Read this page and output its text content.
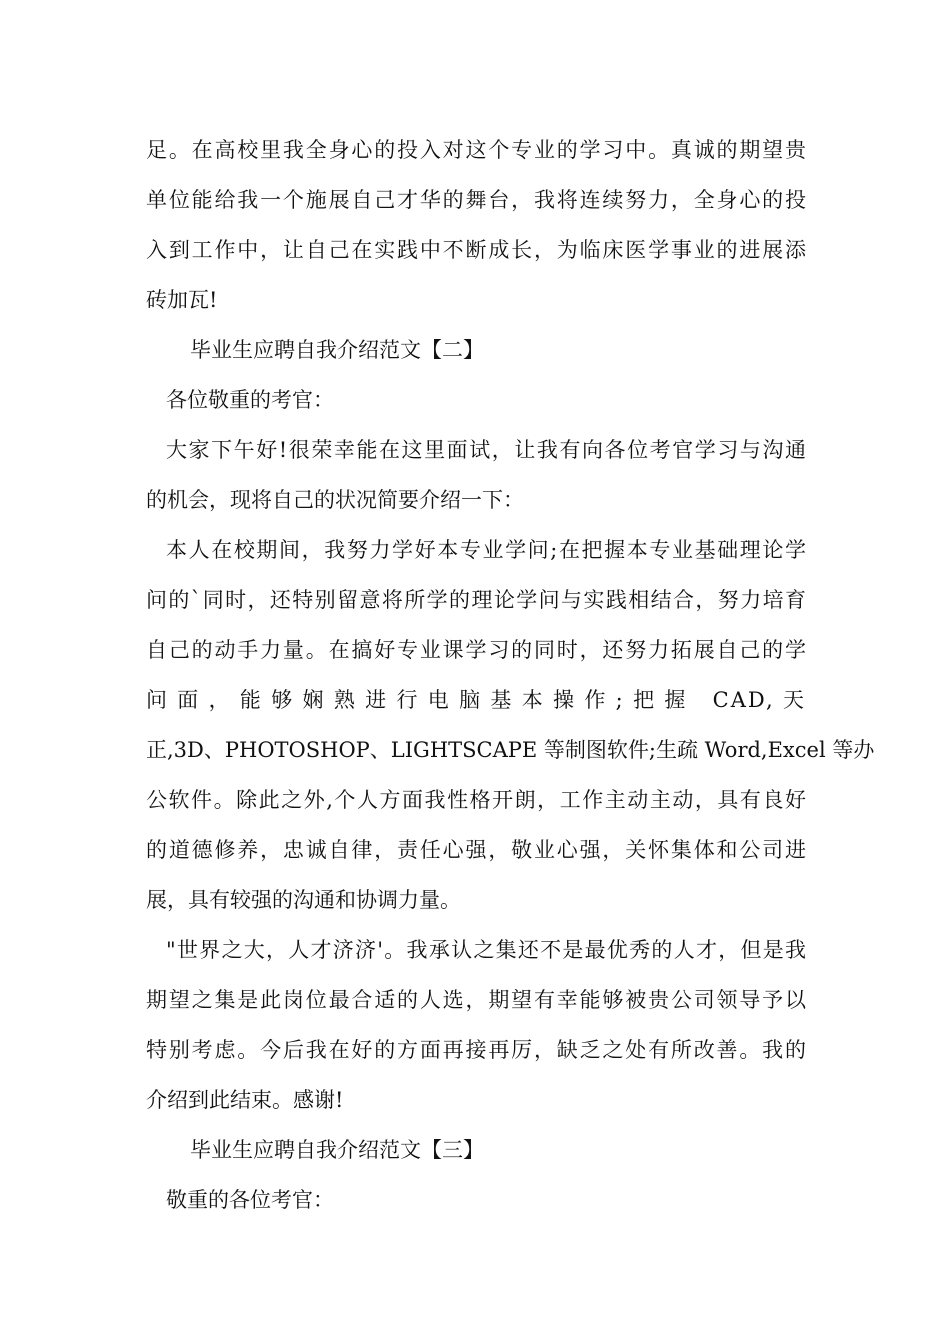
足。在高校里我全身心的投入对这个专业的学习中。真诚的期望贵
单位能给我一个施展自己才华的舞台，我将连续努力，全身心的投
入到工作中，让自己在实践中不断成长，为临床医学事业的进展添
砖加瓦!
毕业生应聘自我介绍范文【二】
各位敬重的考官：
大家下午好!很荣幸能在这里面试，让我有向各位考官学习与沟通
的机会，现将自己的状况简要介绍一下：
本人在校期间，我努力学好本专业学问;在把握本专业基础理论学
问的`同时，还特别留意将所学的理论学问与实践相结合，努力培育
自己的动手力量。在搞好专业课学习的同时，还努力拓展自己的学
问面，能够娴熟进行电脑基本操作;把握 CAD,天
正,3D、PHOTOSHOP、LIGHTSCAPE 等制图软件;生疏 Word,Excel 等办
公软件。除此之外,个人方面我性格开朗，工作主动主动，具有良好
的道德修养，忠诚自律，责任心强，敬业心强，关怀集体和公司进
展，具有较强的沟通和协调力量。
"世界之大，人才济济'。我承认之集还不是最优秀的人才，但是我
期望之集是此岗位最合适的人选，期望有幸能够被贵公司领导予以
特别考虑。今后我在好的方面再接再厉，缺乏之处有所改善。我的
介绍到此结束。感谢!
毕业生应聘自我介绍范文【三】
敬重的各位考官：
